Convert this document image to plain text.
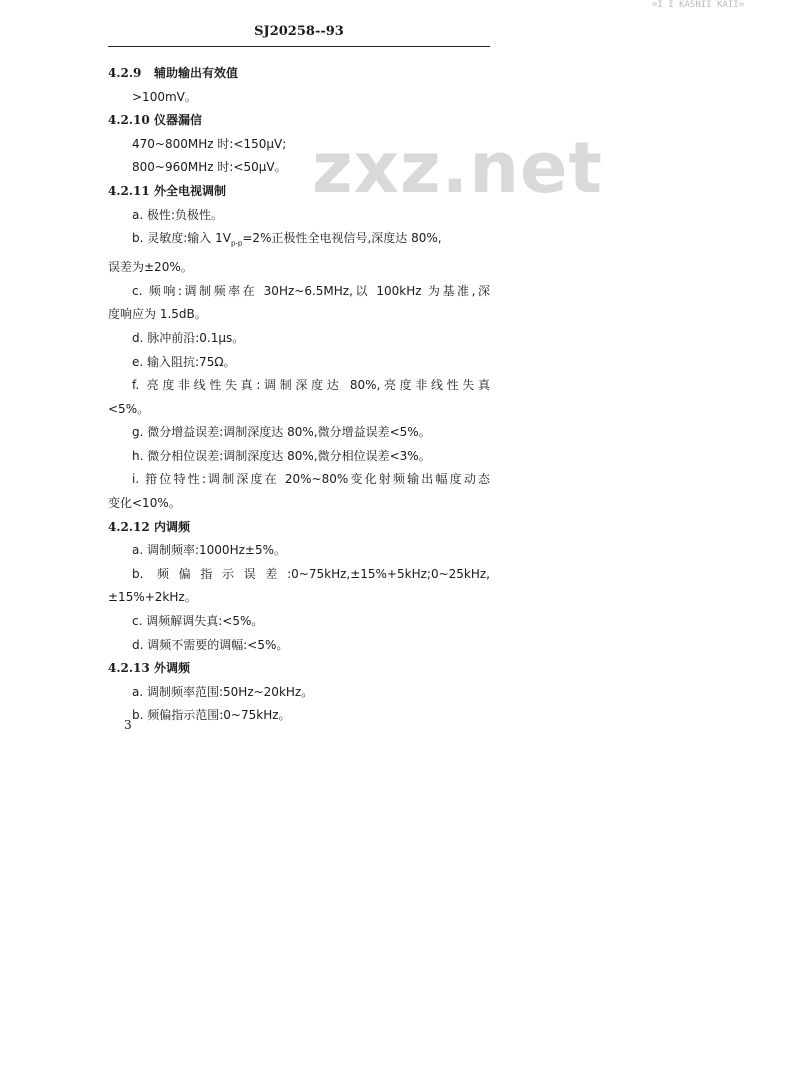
=I I KASNII KAII=
SJ20258--93
zxz.net
4.2.9 辅助输出有效值
>100mV。
4.2.10 仪器漏信
470~800MHz 时:<150μV;
800~960MHz 时:<50μV。
4.2.11 外全电视调制
a. 极性:负极性。
b. 灵敏度:输入 $1V_{p-p}=2\%$正极性全电视信号,深度达 80%,
误差为±20%。
c. 频响:调制频率在 30Hz~6.5MHz,以 100kHz 为基准,深
度响应为 1.5dB。
d. 脉冲前沿:0.1μs。
e. 输入阻抗:75Ω。
f. 亮度非线性失真:调制深度达 80%,亮度非线性失真
<5%。
g. 微分增益误差:调制深度达 80%,微分增益误差<5%。
h. 微分相位误差:调制深度达 80%,微分相位误差<3%。
i. 箝位特性:调制深度在 20%~80%变化射频输出幅度动态
变化<10%。
4.2.12 内调频
a. 调制频率:1000Hz±5%。
b. 频偏指示误差:0~75kHz,±15%+5kHz;0~25kHz,
±15%+2kHz。
c. 调频解调失真:<5%。
d. 调频不需要的调幅:<5%。
4.2.13 外调频
a. 调制频率范围:50Hz~20kHz。
b. 频偏指示范围:0~75kHz。
3
